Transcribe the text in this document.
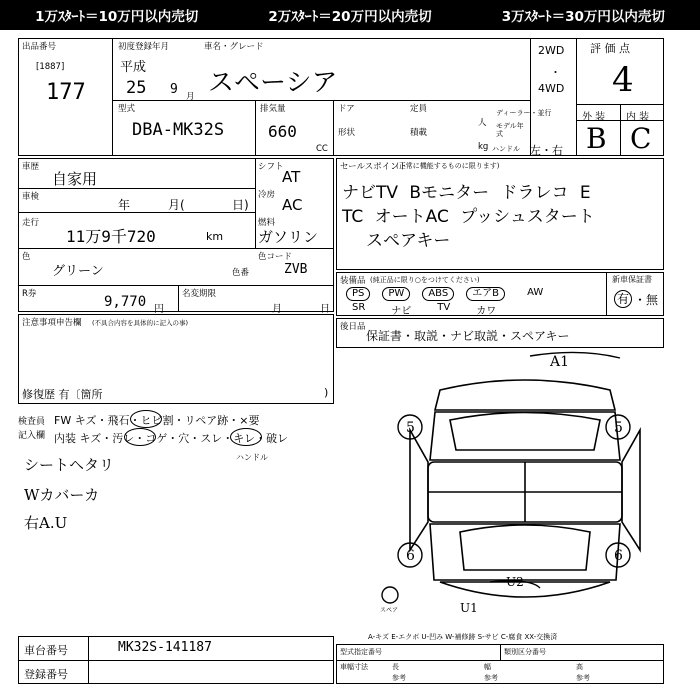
1万ｽﾀｰﾄ＝10万円以内売切	2万ｽﾀｰﾄ＝20万円以内売切	3万ｽﾀｰﾄ＝30万円以内売切
出品番号
[1887]
177
初度登録年月
平成
25 9 月
車名・グレード
スペーシア
2WD
・
4WD
評 価 点
4
外 装 内 装
B C
型式
DBA-MK32S
排気量
660
CC
ドア	定員
形状	積載
人
kg
ディーラー・並行
モデル年式
ハンドル 左・右
車歴
自家用
車検
年	月(	日)
走行
11万9千720	km
シフト
AT
冷房
AC
燃料
ガソリン
色
グリーン	色番
色コード
ZVB
R券	9,770 円
名変期限
月	日
注意事項申告欄 (不具合内容を具体的に記入の事)
修復歴 有〔箇所	)
セールスポイント
(正常に機能するものに限ります)
ナビTV Bモニター ドラレコ E
TC オートAC プッシュスタート
スペアキー
装備品 (純正品に限り○をつけてください)
PS	PW	ABS	エアB	AW
SR	ナビ	TV	カワ
新車保証書
有 ・無
後日品
保証書・取説・ナビ取説・スペアキー
検査員
記入欄
FW キズ・飛石・ヒビ割・リペア跡・×要
内装 キズ・汚レ・コゲ・穴・スレ・キレ・破レ
ハンドル
シートヘタリ
Wカバーカ
右A.U
A1
5	5
6	6
U2
U1
スペア
A-キズ E-エクボ U-凹み W-補修跡 S-サビ C-腐食 XX-交換済
車台番号	MK32S-141187
登録番号
型式指定番号	類別区分番号
車幅寸法	長	幅	高
参考	参考	参考
